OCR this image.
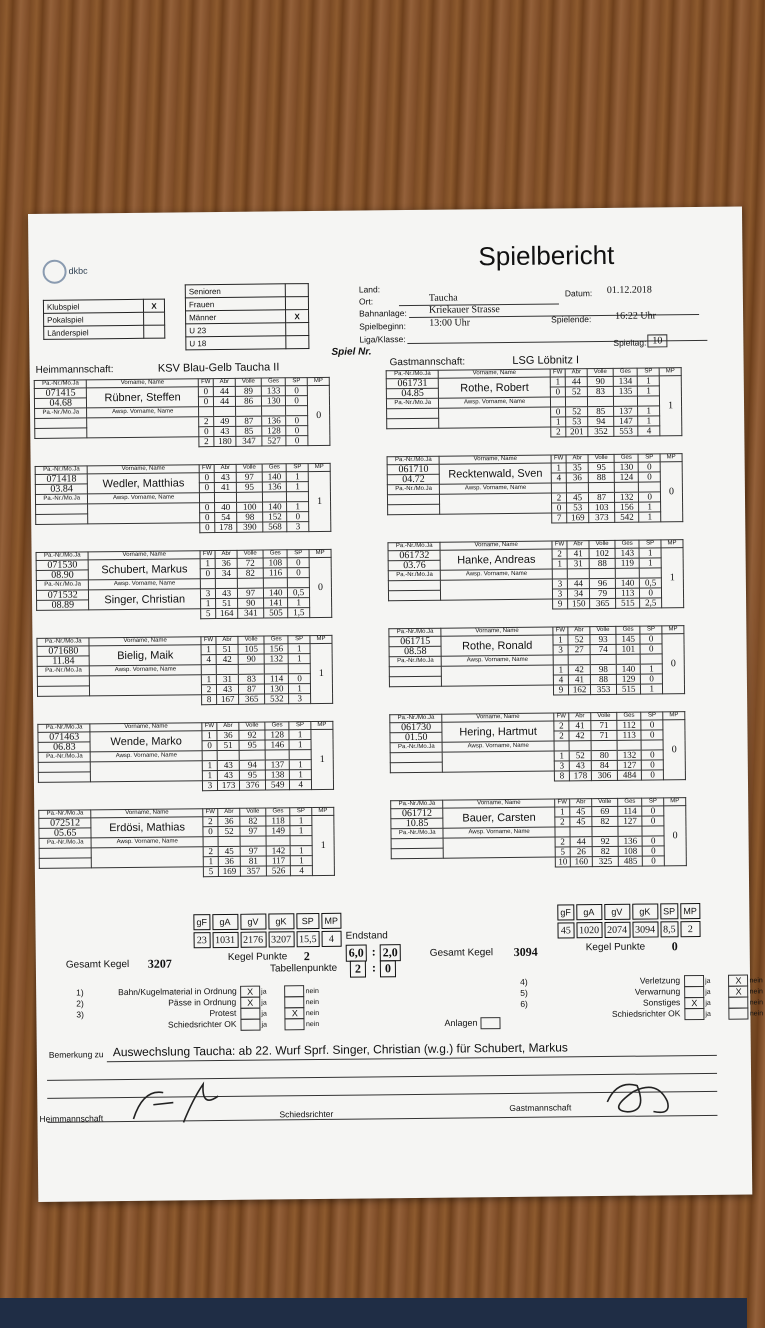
dkbc	Spielbericht
Klubspiel	X
Pokalspiel	
Länderspiel	
Senioren	
Frauen	
Männer	X
U 23	
U 18	
Land:
Ort:	Taucha	Datum: 01.12.2018
Bahnanlage: Kriekauer Strasse
Spielbeginn: 13:00 Uhr	Spielende: 16:22 Uhr
Liga/Klasse:	Spieltag: 10
Spiel Nr.
Heimmannschaft:	KSV Blau-Gelb Taucha II	Gastmannschaft:	LSG Löbnitz I
Pa.-Nr./Mo.Ja	Vorname, Name	FW	Abr	Volle	Ges	SP	MP
071415	Rübner, Steffen	0	44	89	133	0	0
04.68		0	44	86	130	0	
Pa.-Nr./Mo.Ja	Awsp. Vorname, Name						
		2	49	87	136	0	
		0	43	85	128	0	
		2	180	347	527	0	
Pa.-Nr./Mo.Ja	Vorname, Name	FW	Abr	Volle	Ges	SP	MP
071418	Wedler, Matthias	0	43	97	140	1	1
03.84		0	41	95	136	1	
Pa.-Nr./Mo.Ja	Awsp. Vorname, Name						
		0	40	100	140	1	
		0	54	98	152	0	
		0	178	390	568	3	
Pa.-Nr./Mo.Ja	Vorname, Name	FW	Abr	Volle	Ges	SP	MP
071530	Schubert, Markus	1	36	72	108	0	0
08.90		0	34	82	116	0	
Pa.-Nr./Mo.Ja	Awsp. Vorname, Name						
071532	Singer, Christian	3	43	97	140	0,5	
08.89		1	51	90	141	1	
		5	164	341	505	1,5	
Pa.-Nr./Mo.Ja	Vorname, Name	FW	Abr	Volle	Ges	SP	MP
071680	Bielig, Maik	1	51	105	156	1	1
11.84		4	42	90	132	1	
Pa.-Nr./Mo.Ja	Awsp. Vorname, Name						
		1	31	83	114	0	
		2	43	87	130	1	
		8	167	365	532	3	
Pa.-Nr./Mo.Ja	Vorname, Name	FW	Abr	Volle	Ges	SP	MP
071463	Wende, Marko	1	36	92	128	1	1
06.83		0	51	95	146	1	
Pa.-Nr./Mo.Ja	Awsp. Vorname, Name						
		1	43	94	137	1	
		1	43	95	138	1	
		3	173	376	549	4	
Pa.-Nr./Mo.Ja	Vorname, Name	FW	Abr	Volle	Ges	SP	MP
072512	Erdösi, Mathias	2	36	82	118	1	1
05.65		0	52	97	149	1	
Pa.-Nr./Mo.Ja	Awsp. Vorname, Name						
		2	45	97	142	1	
		1	36	81	117	1	
		5	169	357	526	4	
Pa.-Nr./Mo.Ja	Vorname, Name	FW	Abr	Volle	Ges	SP	MP
061731	Rothe, Robert	1	44	90	134	1	1
04.85		0	52	83	135	1	
Pa.-Nr./Mo.Ja	Awsp. Vorname, Name						
		0	52	85	137	1	
		1	53	94	147	1	
		2	201	352	553	4	
Pa.-Nr./Mo.Ja	Vorname, Name	FW	Abr	Volle	Ges	SP	MP
061710	Recktenwald, Sven	1	35	95	130	0	0
04.72		4	36	88	124	0	
Pa.-Nr./Mo.Ja	Awsp. Vorname, Name						
		2	45	87	132	0	
		0	53	103	156	1	
		7	169	373	542	1	
Pa.-Nr./Mo.Ja	Vorname, Name	FW	Abr	Volle	Ges	SP	MP
061732	Hanke, Andreas	2	41	102	143	1	1
03.76		1	31	88	119	1	
Pa.-Nr./Mo.Ja	Awsp. Vorname, Name						
		3	44	96	140	0,5	
		3	34	79	113	0	
		9	150	365	515	2,5	
Pa.-Nr./Mo.Ja	Vorname, Name	FW	Abr	Volle	Ges	SP	MP
061715	Rothe, Ronald	1	52	93	145	0	0
08.58		3	27	74	101	0	
Pa.-Nr./Mo.Ja	Awsp. Vorname, Name						
		1	42	98	140	1	
		4	41	88	129	0	
		9	162	353	515	1	
Pa.-Nr./Mo.Ja	Vorname, Name	FW	Abr	Volle	Ges	SP	MP
061730	Hering, Hartmut	2	41	71	112	0	0
01.50		2	42	71	113	0	
Pa.-Nr./Mo.Ja	Awsp. Vorname, Name						
		1	52	80	132	0	
		3	43	84	127	0	
		8	178	306	484	0	
Pa.-Nr./Mo.Ja	Vorname, Name	FW	Abr	Volle	Ges	SP	MP
061712	Bauer, Carsten	1	45	69	114	0	0
10.85		2	45	82	127	0	
Pa.-Nr./Mo.Ja	Awsp. Vorname, Name						
		2	44	92	136	0	
		5	26	82	108	0	
		10	160	325	485	0	
gF	gA	gV	gK	SP	MP
23	1031	2176	3207	15,5	4
gF	gA	gV	gK	SP	MP
45	1020	2074	3094	8,5	2
Endstand
6,0 : 2,0
Tabellenpunkte	2 : 0
Gesamt Kegel 3207	Kegel Punkte 2	Gesamt Kegel 3094	Kegel Punkte 0
1)	Bahn/Kugelmaterial in Ordnung X ja	nein
2)	Pässe in Ordnung X ja	nein
3)	Protest	ja	X nein
Schiedsrichter OK	ja	nein
4)	Verletzung	ja	X nein
5)	Verwarnung	ja	X nein
6)	Sonstiges X ja	nein
Schiedsrichter OK	ja	nein
Anlagen
Bemerkung zu Auswechslung Taucha: ab 22. Wurf Sprf. Singer, Christian (w.g.) für Schubert, Markus
Heimmannschaft	Schiedsrichter
Gastmannschaft
